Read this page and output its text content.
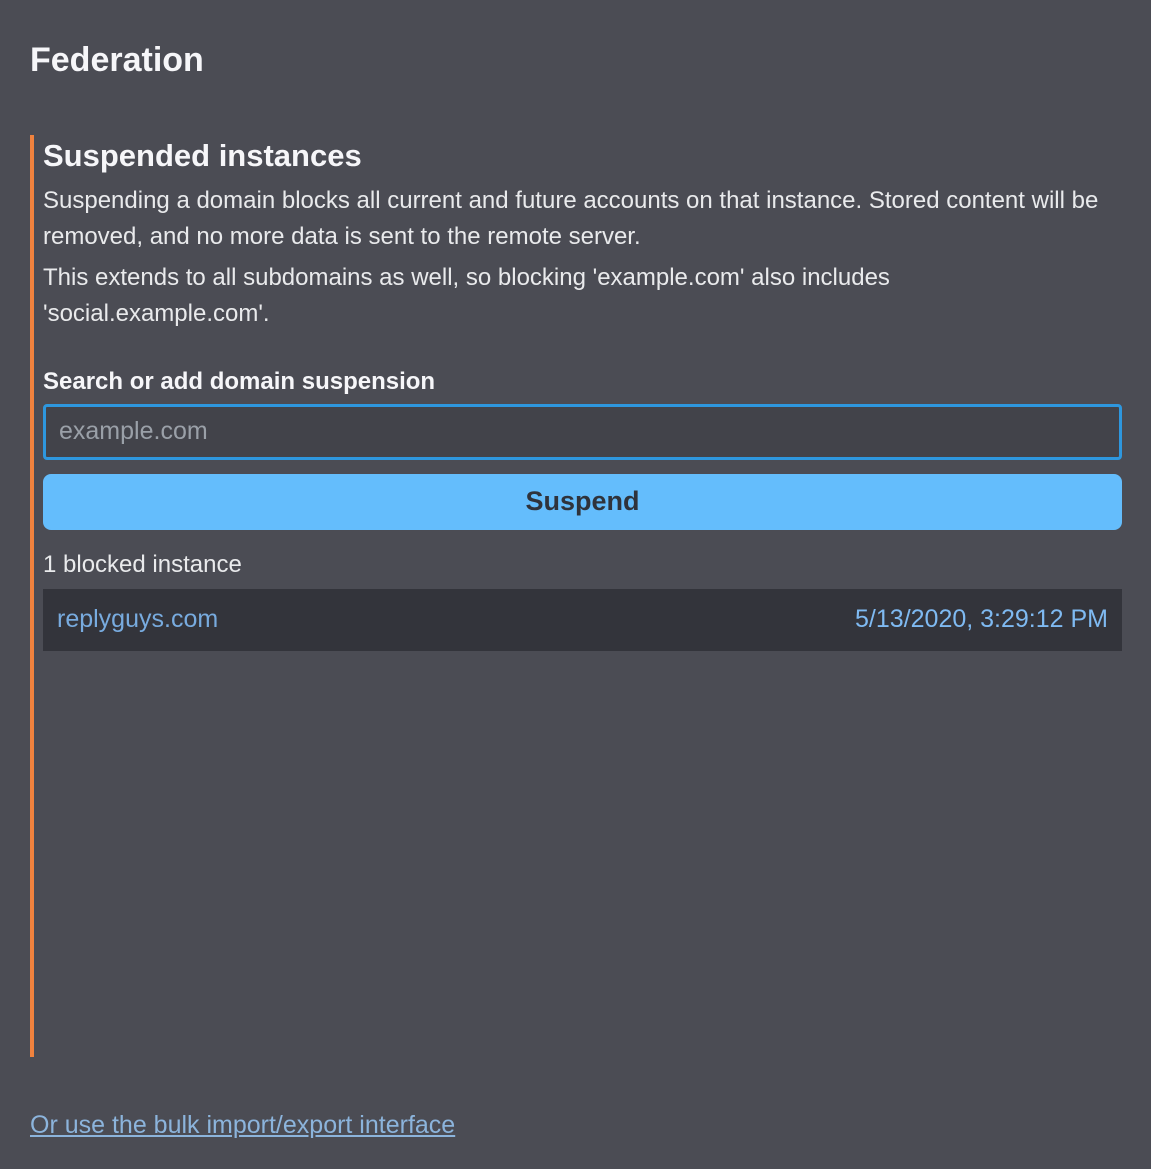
Federation
Suspended instances

Suspending a domain blocks all current and future accounts on that instance. Stored content will be removed, and no more data is sent to the remote server.

This extends to all subdomains as well, so blocking 'example.com' also includes 'social.example.com'.

Search or add domain suspension
example.com
Suspend
1 blocked instance
replyguys.com	5/13/2020, 3:29:12 PM
Or use the bulk import/export interface
